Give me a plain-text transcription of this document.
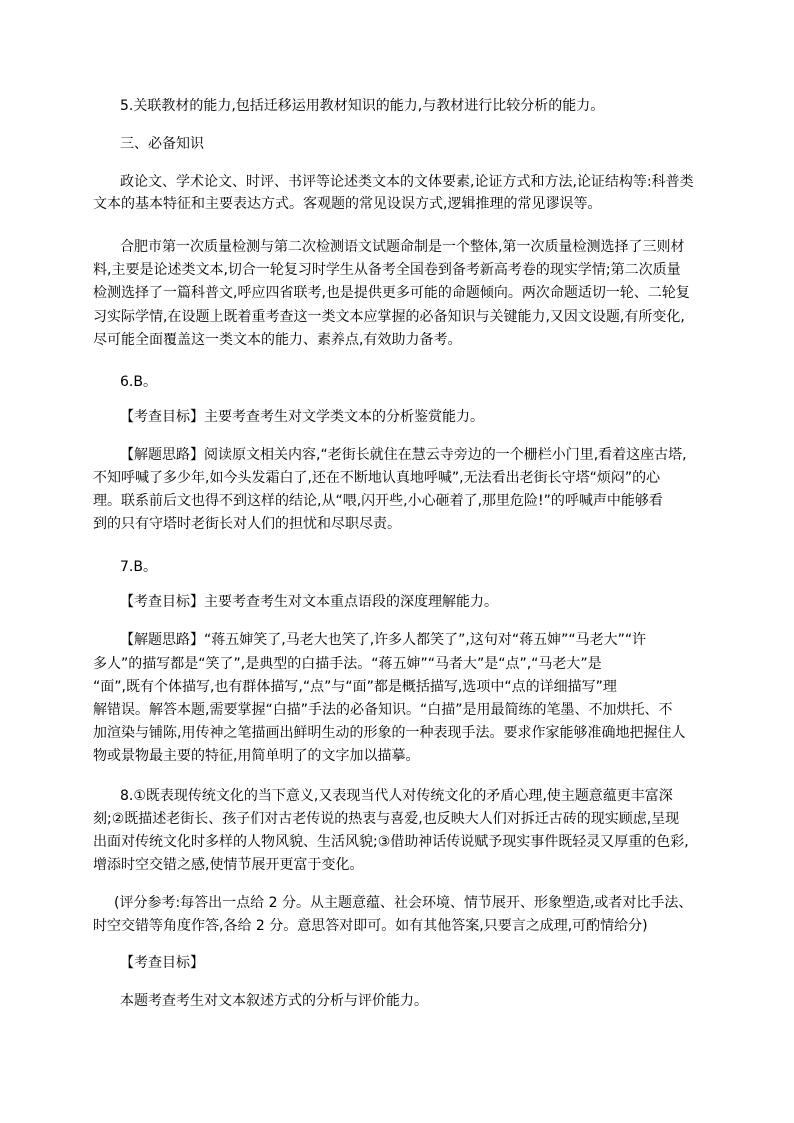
5.关联教材的能力,包括迁移运用教材知识的能力,与教材进行比较分析的能力。

三、必备知识

政论文、学术论文、时评、书评等论述类文本的文体要素,论证方式和方法,论证结构等:科普类

文本的基本特征和主要表达方式。客观题的常见设误方式,逻辑推理的常见谬误等。

合肥市第一次质量检测与第二次检测语文试题命制是一个整体,第一次质量检测选择了三则材

料,主要是论述类文本,切合一轮复习时学生从备考全国卷到备考新高考卷的现实学情;第二次质量

检测选择了一篇科普文,呼应四省联考,也是提供更多可能的命题倾向。两次命题适切一轮、二轮复

习实际学情,在设题上既着重考查这一类文本应掌握的必备知识与关键能力,又因文设题,有所变化,

尽可能全面覆盖这一类文本的能力、素养点,有效助力备考。

6.B。

【考查目标】主要考查考生对文学类文本的分析鉴赏能力。

【解题思路】阅读原文相关内容,“老街长就住在慧云寺旁边的一个栅栏小门里,看着这座古塔,

不知呼喊了多少年,如今头发霜白了,还在不断地认真地呼喊”,无法看出老街长守塔“烦闷”的心

理。联系前后文也得不到这样的结论,从“喂,闪开些,小心砸着了,那里危险!”的呼喊声中能够看

到的只有守塔时老街长对人们的担忧和尽职尽责。

7.B。

【考查目标】主要考查考生对文本重点语段的深度理解能力。

【解题思路】“蒋五婶笑了,马老大也笑了,许多人都笑了”,这句对“蒋五婶”“马老大”“许

多人”的描写都是“笑了”,是典型的白描手法。“蒋五婶”“马者大”是“点”,“马老大”是

“面”,既有个体描写,也有群体描写,“点”与“面”都是概括描写,选项中“点的详细描写”理

解错误。解答本题,需要掌握“白描”手法的必备知识。“白描”是用最简练的笔墨、不加烘托、不

加渲染与铺陈,用传神之笔描画出鲜明生动的形象的一种表现手法。要求作家能够准确地把握住人

物或景物最主要的特征,用简单明了的文字加以描摹。

8.①既表现传统文化的当下意义,又表现当代人对传统文化的矛盾心理,使主题意蕴更丰富深

刻;②既描述老街长、孩子们对古老传说的热衷与喜爱,也反映大人们对拆迁古砖的现实顾虑,呈现

出面对传统文化时多样的人物风貌、生活风貌;③借助神话传说赋予现实事件既轻灵又厚重的色彩,

增添时空交错之感,使情节展开更富于变化。

(评分参考:每答出一点给 2 分。从主题意蕴、社会环境、情节展开、形象塑造,或者对比手法、

时空交错等角度作答,各给 2 分。意思答对即可。如有其他答案,只要言之成理,可酌情给分)

【考查目标】

本题考查考生对文本叙述方式的分析与评价能力。
